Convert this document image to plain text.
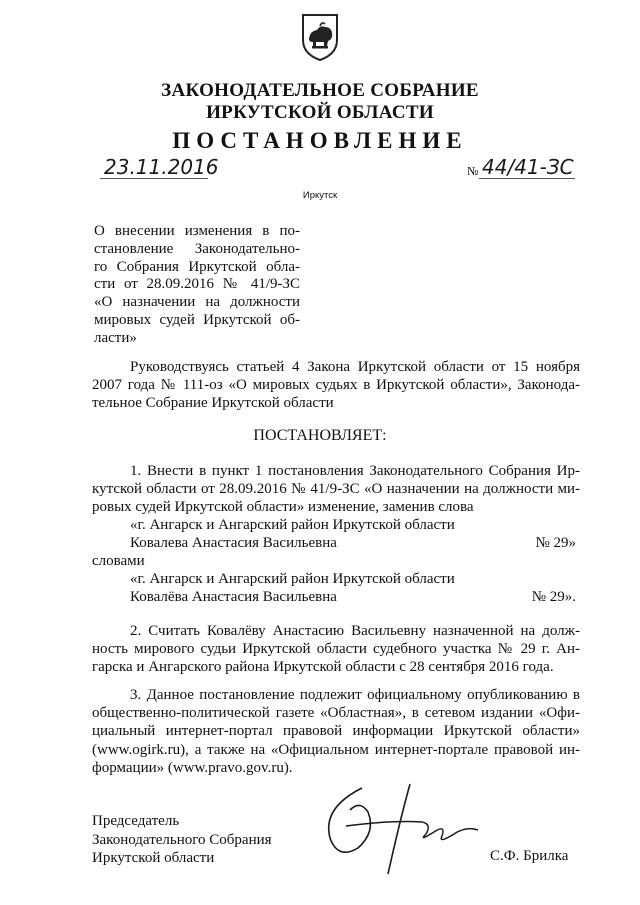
ЗАКОНОДАТЕЛЬНОЕ СОБРАНИЕ
ИРКУТСКОЙ ОБЛАСТИ
ПОСТАНОВЛЕНИЕ
23.11.2016	№ 44/41-ЗС
Иркутск
О внесении изменения в по-
становление Законодательно-
го Собрания Иркутской обла-
сти от 28.09.2016 № 41/9-ЗС
«О назначении на должности
мировых судей Иркутской об-
ласти»
Руководствуясь статьей 4 Закона Иркутской области от 15 ноября
2007 года № 111-оз «О мировых судьях в Иркутской области», Законода-
тельное Собрание Иркутской области
ПОСТАНОВЛЯЕТ:
1. Внести в пункт 1 постановления Законодательного Собрания Ир-
кутской области от 28.09.2016 № 41/9-ЗС «О назначении на должности ми-
ровых судей Иркутской области» изменение, заменив слова
«г. Ангарск и Ангарский район Иркутской области
Ковалева Анастасия Васильевна	№ 29»
словами
«г. Ангарск и Ангарский район Иркутской области
Ковалёва Анастасия Васильевна	№ 29».
2. Считать Ковалёву Анастасию Васильевну назначенной на долж-
ность мирового судьи Иркутской области судебного участка № 29 г. Ан-
гарска и Ангарского района Иркутской области с 28 сентября 2016 года.
3. Данное постановление подлежит официальному опубликованию в
общественно-политической газете «Областная», в сетевом издании «Офи-
циальный интернет-портал правовой информации Иркутской области»
(www.ogirk.ru), а также на «Официальном интернет-портале правовой ин-
формации» (www.pravo.gov.ru).
Председатель
Законодательного Собрания
Иркутской области	С.Ф. Брилка
